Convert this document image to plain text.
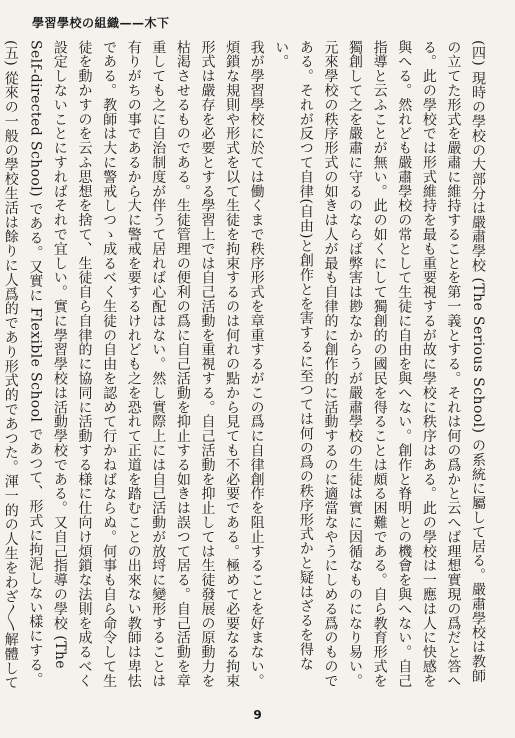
學習學校の組織——木下

(四) 現時の學校の大部分は嚴肅學校 (The Serious School) の系統に屬して居る。嚴肅學校は教師の立てた形式を嚴肅に維持することを第一義とする。それは何の爲かと云へば理想實現の爲だと答へる。此の學校では形式維持を最も重要視するが故に學校に秩序はある。此の學校は一應は人に快感を與へる。然れども嚴肅學校の常として生徒に自由を與へない。創作と脊明との機會を與へない。自己指導と云ふことが無い。此の如くにして獨創的の國民を得ることは頗る困難である。自ら教育形式を獨創して之を嚴肅に守るのならば弊害は尠なからうが嚴肅學校の生徒は實に因循なものになり易い。元來學校の秩序形式の如きは人が最も自律的に創作的に活動するのに適當なやうにしめる爲のものである。それが反つて自律(自由)と創作とを害するに至つては何の爲の秩序形式かと疑はざるを得ない。

我が學習學校に於ては働くまで秩序形式を章重するがこの爲に自律創作を阻止することを好まない。煩鎖な規則や形式を以て生徒を拘束するのは何れの點から見ても不必要である。極めて必要なる拘束形式は嚴存を必要とする學習上では自己活動を重視する。自己活動を抑止しては生徒發展の原動力を枯渇させるものである。生徒管理の便利の爲に自己活動を抑止する如きは誤つて居る。自己活動を章重しても之に自治制度が伴うて居れば心配はない。然し實際上には自己活動が放埒に變形することは有りがちの事であるから大に警戒を要するけれども之を恐れて正道を踏むことの出來ない教師は卑怯である。教師は大に警戒しつゝ成るべく生徒の自由を認めて行かねばならぬ。何事も自ら命令して生徒を動かすのを云ふ思想を捨て、生徒自ら自律的に協同に活動する様に仕向け煩鎖な法則を成るべく設定しないことにすればそれで宜しい。實に學習學校は活動學校である。又自己指導の學校 (The Self-directed School) である。又實に Flexible School であつて、形式に拘泥しない樣にする。

(五) 從來の一般の學校生活は餘りに人爲的であり形式的であつた。渾一的の人生をわざ〳〵解體して

9
